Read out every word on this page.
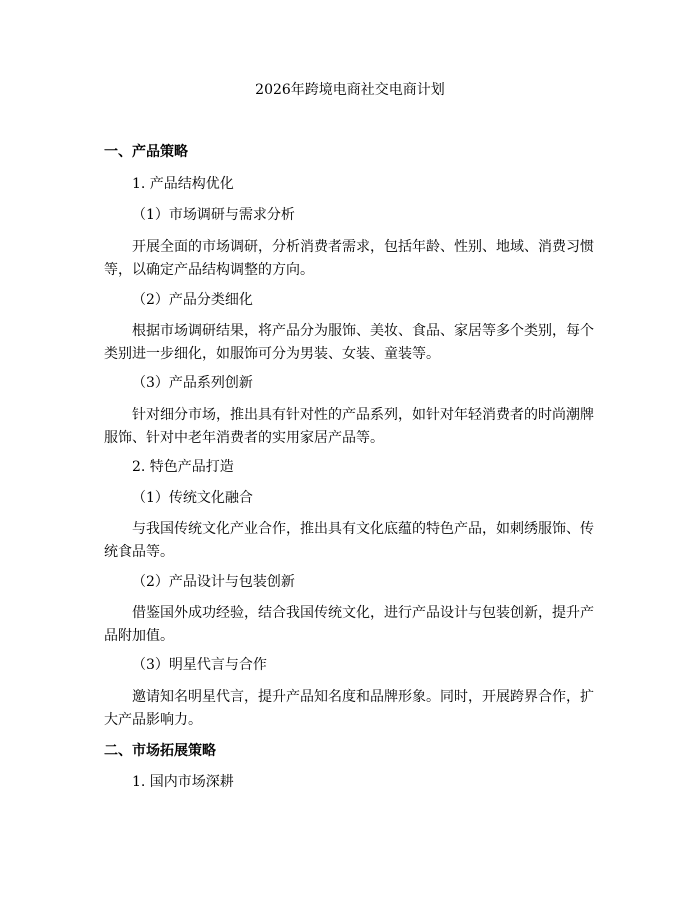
2026年跨境电商社交电商计划
一、产品策略
1. 产品结构优化
（1）市场调研与需求分析
开展全面的市场调研，分析消费者需求，包括年龄、性别、地域、消费习惯等，以确定产品结构调整的方向。
（2）产品分类细化
根据市场调研结果，将产品分为服饰、美妆、食品、家居等多个类别，每个类别进一步细化，如服饰可分为男装、女装、童装等。
（3）产品系列创新
针对细分市场，推出具有针对性的产品系列，如针对年轻消费者的时尚潮牌服饰、针对中老年消费者的实用家居产品等。
2. 特色产品打造
（1）传统文化融合
与我国传统文化产业合作，推出具有文化底蕴的特色产品，如刺绣服饰、传统食品等。
（2）产品设计与包装创新
借鉴国外成功经验，结合我国传统文化，进行产品设计与包装创新，提升产品附加值。
（3）明星代言与合作
邀请知名明星代言，提升产品知名度和品牌形象。同时，开展跨界合作，扩大产品影响力。
二、市场拓展策略
1. 国内市场深耕
